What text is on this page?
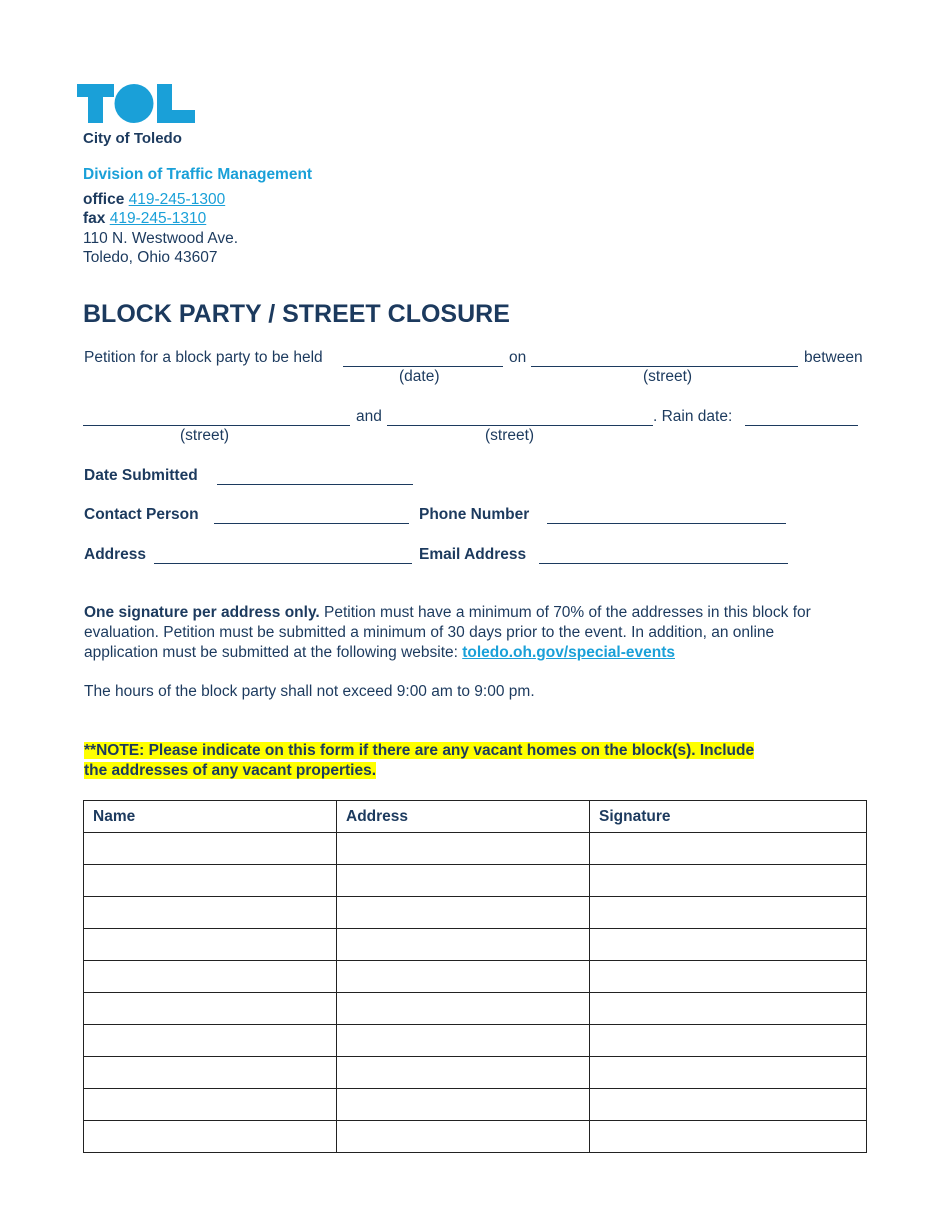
City of Toledo
Division of Traffic Management
office 419-245-1300
fax 419-245-1310
110 N. Westwood Ave.
Toledo, Ohio 43607
BLOCK PARTY / STREET CLOSURE
Petition for a block party to be held	on	between
(date)	(street)
and	. Rain date:
(street)	(street)
Date Submitted
Contact Person	Phone Number
Address	Email Address
One signature per address only. Petition must have a minimum of 70% of the addresses in this block for
evaluation. Petition must be submitted a minimum of 30 days prior to the event. In addition, an online
application must be submitted at the following website: toledo.oh.gov/special-events
The hours of the block party shall not exceed 9:00 am to 9:00 pm.
**NOTE: Please indicate on this form if there are any vacant homes on the block(s). Include
the addresses of any vacant properties.
Name	Address	Signature
